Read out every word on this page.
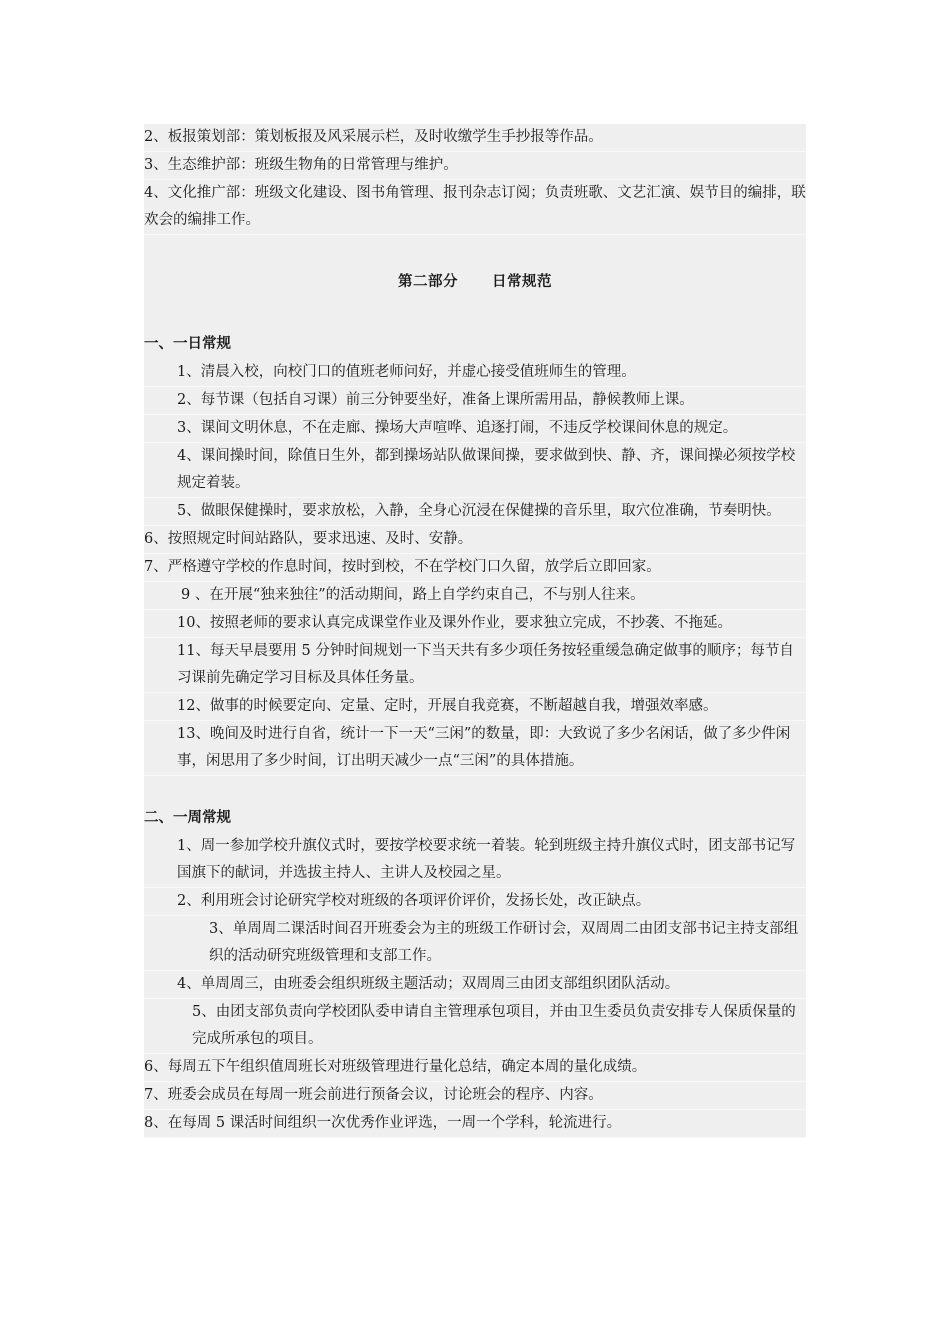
2、板报策划部：策划板报及风采展示栏，及时收缴学生手抄报等作品。

3、生态维护部：班级生物角的日常管理与维护。

4、文化推广部：班级文化建设、图书角管理、报刊杂志订阅；负责班歌、文艺汇演、娱节目的编排，联欢会的编排工作。

第二部分 日常规范

一、一日常规

1、清晨入校，向校门口的值班老师问好，并虚心接受值班师生的管理。

2、每节课（包括自习课）前三分钟要坐好，准备上课所需用品，静候教师上课。

3、课间文明休息，不在走廊、操场大声喧哗、追逐打闹，不违反学校课间休息的规定。

4、课间操时间，除值日生外，都到操场站队做课间操，要求做到快、静、齐，课间操必须按学校规定着装。

5、做眼保健操时，要求放松，入静，全身心沉浸在保健操的音乐里，取穴位准确，节奏明快。

6、按照规定时间站路队，要求迅速、及时、安静。

7、严格遵守学校的作息时间，按时到校，不在学校门口久留，放学后立即回家。

9 、在开展“独来独往”的活动期间，路上自学约束自己，不与别人往来。

10、按照老师的要求认真完成课堂作业及课外作业，要求独立完成，不抄袭、不拖延。

11、每天早晨要用 5 分钟时间规划一下当天共有多少项任务按轻重缓急确定做事的顺序；每节自习课前先确定学习目标及具体任务量。

12、做事的时候要定向、定量、定时，开展自我竞赛，不断超越自我，增强效率感。

13、晚间及时进行自省，统计一下一天“三闲”的数量，即：大致说了多少名闲话，做了多少件闲事，闲思用了多少时间，订出明天减少一点“三闲”的具体措施。

二、一周常规

1、周一参加学校升旗仪式时，要按学校要求统一着装。轮到班级主持升旗仪式时，团支部书记写国旗下的献词，并选拔主持人、主讲人及校园之星。

2、利用班会讨论研究学校对班级的各项评价评价，发扬长处，改正缺点。

3、单周周二课活时间召开班委会为主的班级工作研讨会，双周周二由团支部书记主持支部组织的活动研究班级管理和支部工作。

4、单周周三，由班委会组织班级主题活动；双周周三由团支部组织团队活动。

5、由团支部负责向学校团队委申请自主管理承包项目，并由卫生委员负责安排专人保质保量的完成所承包的项目。

6、每周五下午组织值周班长对班级管理进行量化总结，确定本周的量化成绩。

7、班委会成员在每周一班会前进行预备会议，讨论班会的程序、内容。

8、在每周 5 课活时间组织一次优秀作业评选，一周一个学科，轮流进行。
